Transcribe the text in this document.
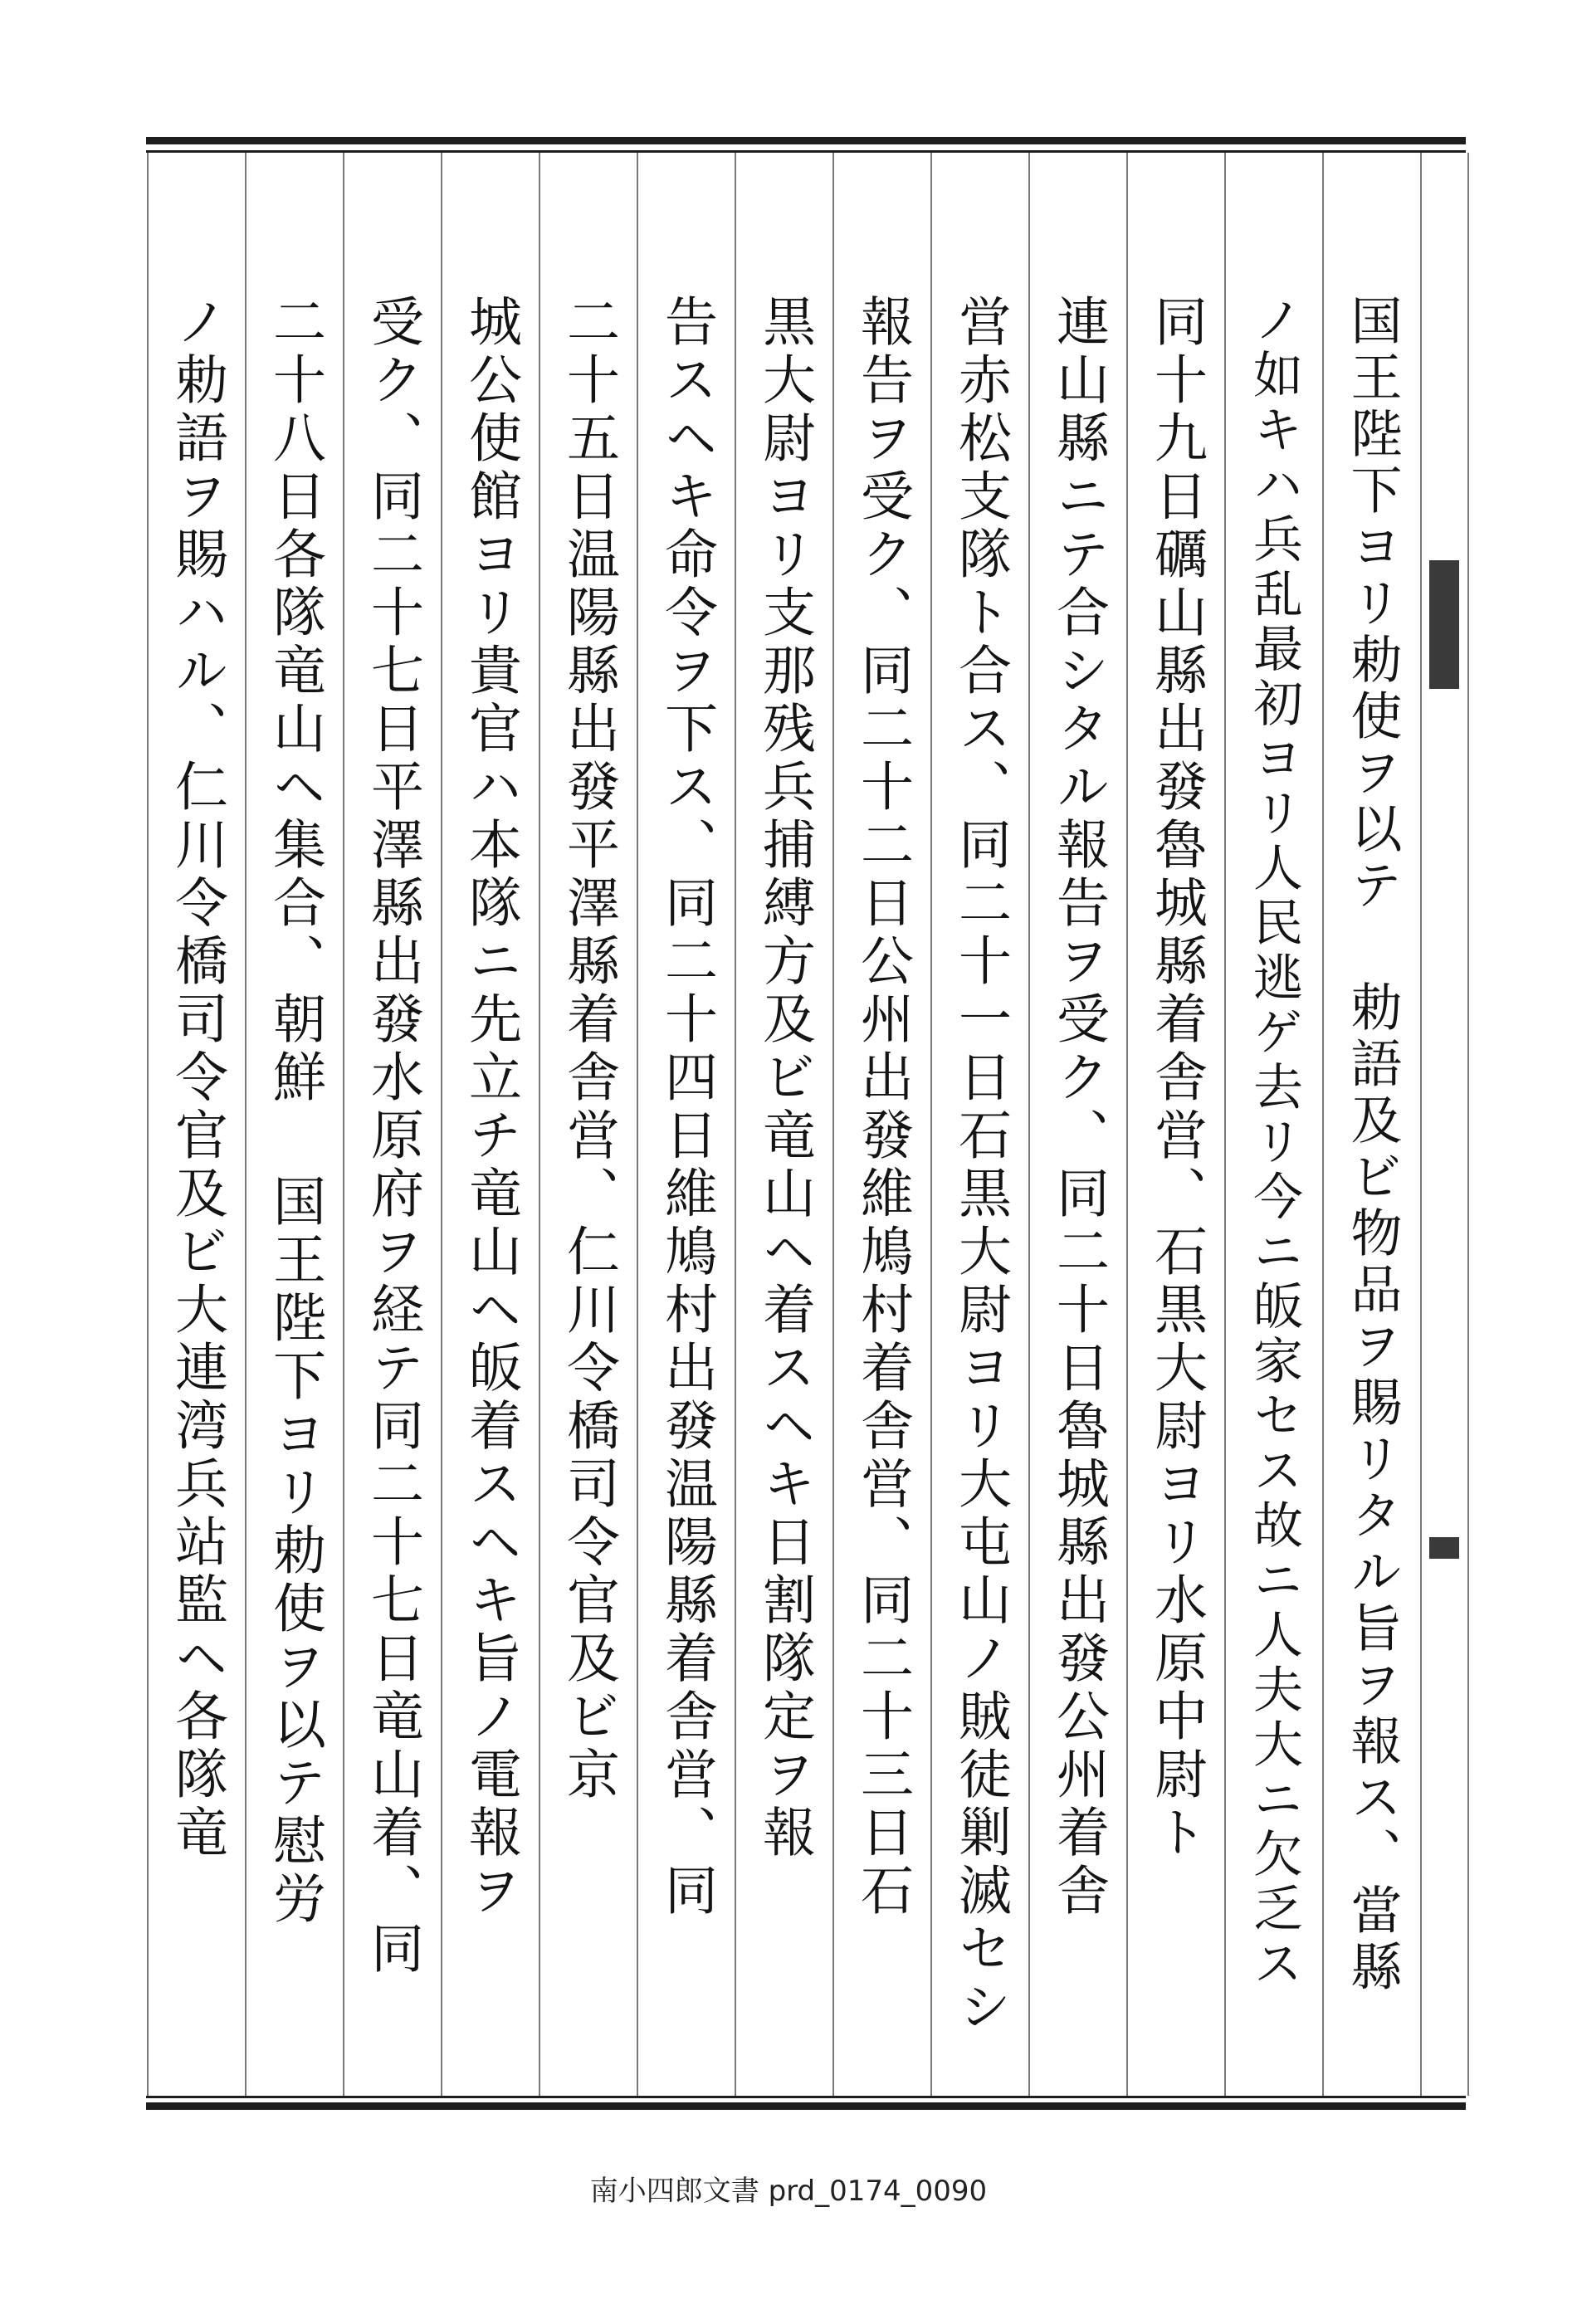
国王陛下ヨリ勅使ヲ以テ 勅語及ビ物品ヲ賜リタル旨ヲ報ス、當縣
ノ如キハ兵乱最初ヨリ人民逃ゲ去リ今ニ皈家セス故ニ人夫大ニ欠乏ス
同十九日礪山縣出發魯城縣着舎営、石黒大尉ヨリ水原中尉ト
連山縣ニテ合シタル報告ヲ受ク、同二十日魯城縣出發公州着舎
営赤松支隊ト合ス、同二十一日石黒大尉ヨリ大屯山ノ賊徒剿滅セシ
報告ヲ受ク、同二十二日公州出發維鳩村着舎営、同二十三日石
黒大尉ヨリ支那残兵捕縛方及ビ竜山ヘ着スヘキ日割隊定ヲ報
告スヘキ命令ヲ下ス、同二十四日維鳩村出發温陽縣着舎営、同
二十五日温陽縣出發平澤縣着舎営、仁川令橋司令官及ビ京
城公使館ヨリ貴官ハ本隊ニ先立チ竜山ヘ皈着スヘキ旨ノ電報ヲ
受ク、同二十七日平澤縣出發水原府ヲ経テ同二十七日竜山着、同
二十八日各隊竜山ヘ集合、朝鮮 国王陛下ヨリ勅使ヲ以テ慰労
ノ勅語ヲ賜ハル、仁川令橋司令官及ビ大連湾兵站監ヘ各隊竜
南小四郎文書 prd_0174_0090
